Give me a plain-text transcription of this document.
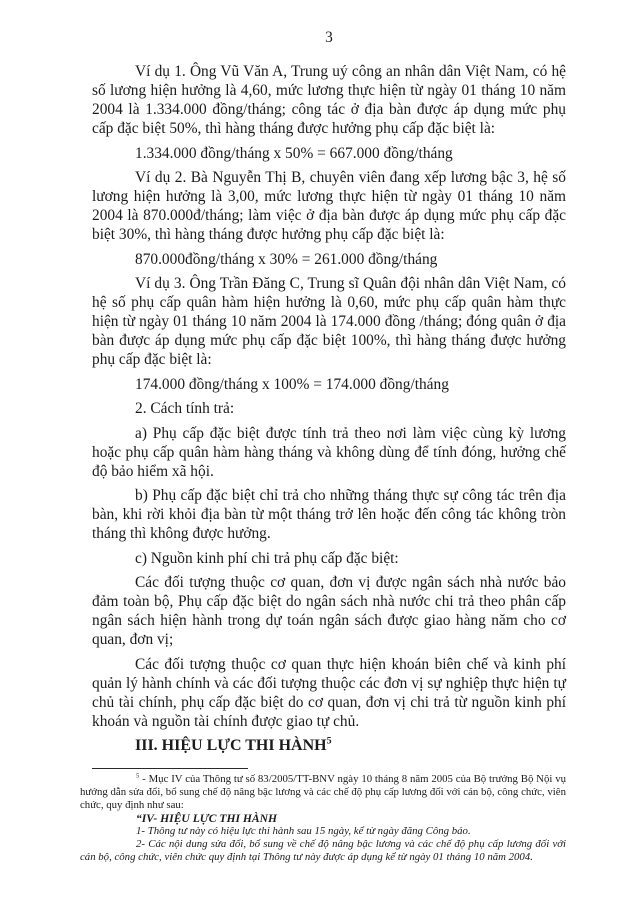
3

Ví dụ 1. Ông Vũ Văn A, Trung uý công an nhân dân Việt Nam, có hệ số lương hiện hưởng là 4,60, mức lương thực hiện từ ngày 01 tháng 10 năm 2004 là 1.334.000 đồng/tháng; công tác ở địa bàn được áp dụng mức phụ cấp đặc biệt 50%, thì hàng tháng được hưởng phụ cấp đặc biệt là:

1.334.000 đồng/tháng x 50% = 667.000 đồng/tháng

Ví dụ 2. Bà Nguyễn Thị B, chuyên viên đang xếp lương bậc 3, hệ số lương hiện hưởng là 3,00, mức lương thực hiện từ ngày 01 tháng 10 năm 2004 là 870.000đ/tháng; làm việc ở địa bàn được áp dụng mức phụ cấp đặc biệt 30%, thì hàng tháng được hưởng phụ cấp đặc biệt là:

870.000đồng/tháng x 30% = 261.000 đồng/tháng

Ví dụ 3. Ông Trần Đăng C, Trung sĩ Quân đội nhân dân Việt Nam, có hệ số phụ cấp quân hàm hiện hưởng là 0,60, mức phụ cấp quân hàm thực hiện từ ngày 01 tháng 10 năm 2004 là 174.000 đồng /tháng; đóng quân ở địa bàn được áp dụng mức phụ cấp đặc biệt 100%, thì hàng tháng được hưởng phụ cấp đặc biệt là:

174.000 đồng/tháng x 100% = 174.000 đồng/tháng

2. Cách tính trả:

a) Phụ cấp đặc biệt được tính trả theo nơi làm việc cùng kỳ lương hoặc phụ cấp quân hàm hàng tháng và không dùng để tính đóng, hưởng chế độ bảo hiểm xã hội.

b) Phụ cấp đặc biệt chỉ trả cho những tháng thực sự công tác trên địa bàn, khi rời khỏi địa bàn từ một tháng trở lên hoặc đến công tác không tròn tháng thì không được hưởng.

c) Nguồn kinh phí chi trả phụ cấp đặc biệt:

Các đối tượng thuộc cơ quan, đơn vị được ngân sách nhà nước bảo đảm toàn bộ, Phụ cấp đặc biệt do ngân sách nhà nước chi trả theo phân cấp ngân sách hiện hành trong dự toán ngân sách được giao hàng năm cho cơ quan, đơn vị;

Các đối tượng thuộc cơ quan thực hiện khoán biên chế và kinh phí quản lý hành chính và các đối tượng thuộc các đơn vị sự nghiệp thực hiện tự chủ tài chính, phụ cấp đặc biệt do cơ quan, đơn vị chi trả từ nguồn kinh phí khoán và nguồn tài chính được giao tự chủ.

III. HIỆU LỰC THI HÀNH$^5$

$^5$ - Mục IV của Thông tư số 83/2005/TT-BNV ngày 10 tháng 8 năm 2005 của Bộ trưởng Bộ Nội vụ hướng dẫn sửa đổi, bổ sung chế độ nâng bậc lương và các chế độ phụ cấp lương đối với cán bộ, công chức, viên chức, quy định như sau:

“IV- HIỆU LỰC THI HÀNH

1- Thông tư này có hiệu lực thi hành sau 15 ngày, kể từ ngày đăng Công báo.

2- Các nội dung sửa đổi, bổ sung về chế độ nâng bậc lương và các chế độ phụ cấp lương đối với cán bộ, công chức, viên chức quy định tại Thông tư này được áp dụng kể từ ngày 01 tháng 10 năm 2004.
